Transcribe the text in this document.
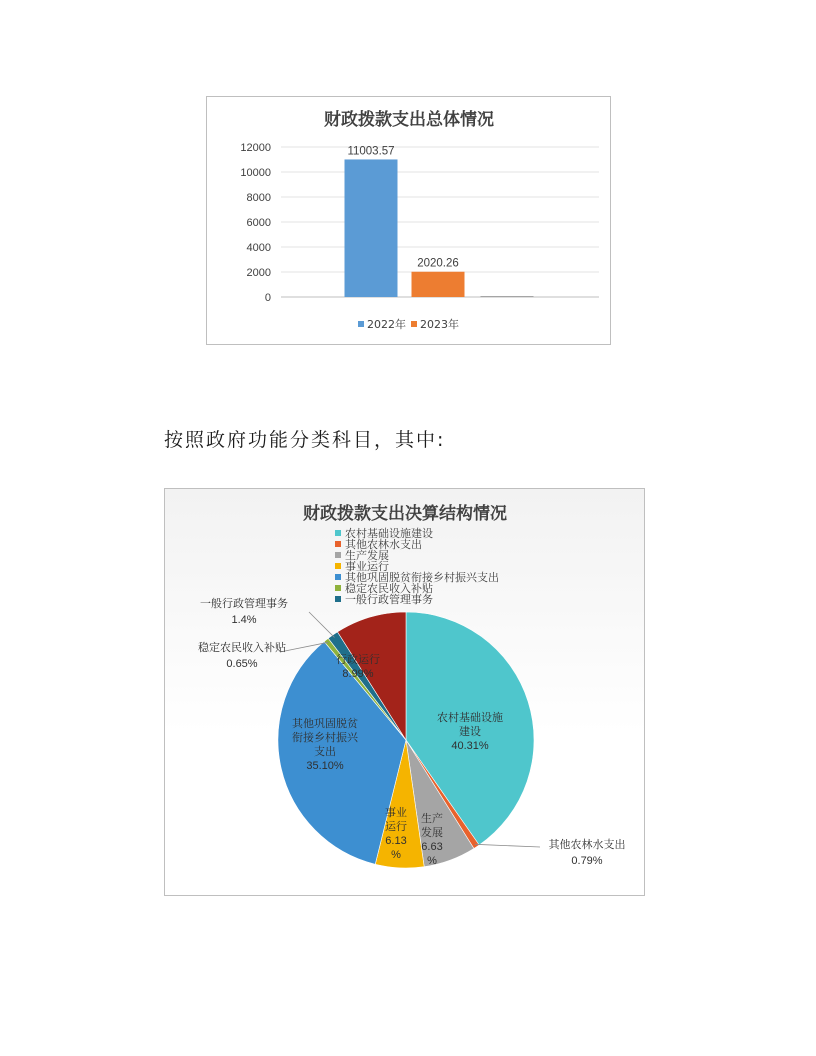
财政拨款支出总体情况
0
2000
4000
6000
8000
10000
12000	11003.57
2020.26
2022年 2023年

按照政府功能分类科目，其中:

财政拨款支出决算结构情况
农村基础设施建设
其他农林水支出
生产发展
事业运行
其他巩固脱贫衔接乡村振兴支出
稳定农民收入补贴
一般行政管理事务
农村基础设施建设
40.31%
其他农林水支出
0.79%
生产发展
6.63 %
事业运行
6.13 %
其他巩固脱贫衔接乡村振兴支出
35.10%
稳定农民收入补贴
0.65%
一般行政管理事务
1.4%
行政运行
8.99%
